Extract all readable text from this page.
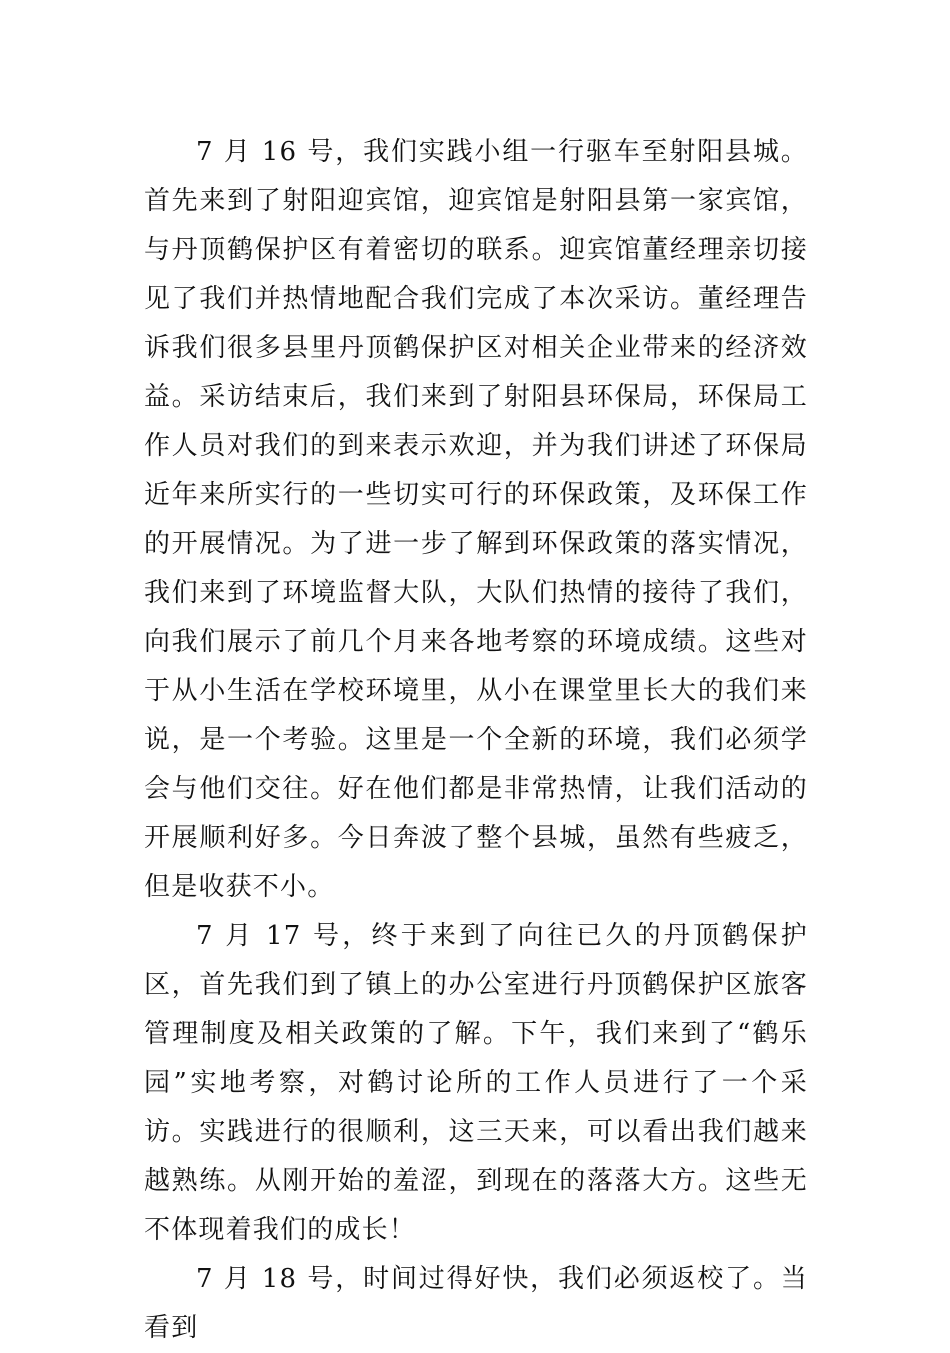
7 月 16 号，我们实践小组一行驱车至射阳县城。首先来到了射阳迎宾馆，迎宾馆是射阳县第一家宾馆，与丹顶鹤保护区有着密切的联系。迎宾馆董经理亲切接见了我们并热情地配合我们完成了本次采访。董经理告诉我们很多县里丹顶鹤保护区对相关企业带来的经济效益。采访结束后，我们来到了射阳县环保局，环保局工作人员对我们的到来表示欢迎，并为我们讲述了环保局近年来所实行的一些切实可行的环保政策，及环保工作的开展情况。为了进一步了解到环保政策的落实情况，我们来到了环境监督大队，大队们热情的接待了我们，向我们展示了前几个月来各地考察的环境成绩。这些对于从小生活在学校环境里，从小在课堂里长大的我们来说，是一个考验。这里是一个全新的环境，我们必须学会与他们交往。好在他们都是非常热情，让我们活动的开展顺利好多。今日奔波了整个县城，虽然有些疲乏，但是收获不小。

7 月 17 号，终于来到了向往已久的丹顶鹤保护区，首先我们到了镇上的办公室进行丹顶鹤保护区旅客管理制度及相关政策的了解。下午，我们来到了“鹤乐园”实地考察，对鹤讨论所的工作人员进行了一个采访。实践进行的很顺利，这三天来，可以看出我们越来越熟练。从刚开始的羞涩，到现在的落落大方。这些无不体现着我们的成长！

7 月 18 号，时间过得好快，我们必须返校了。当看到
